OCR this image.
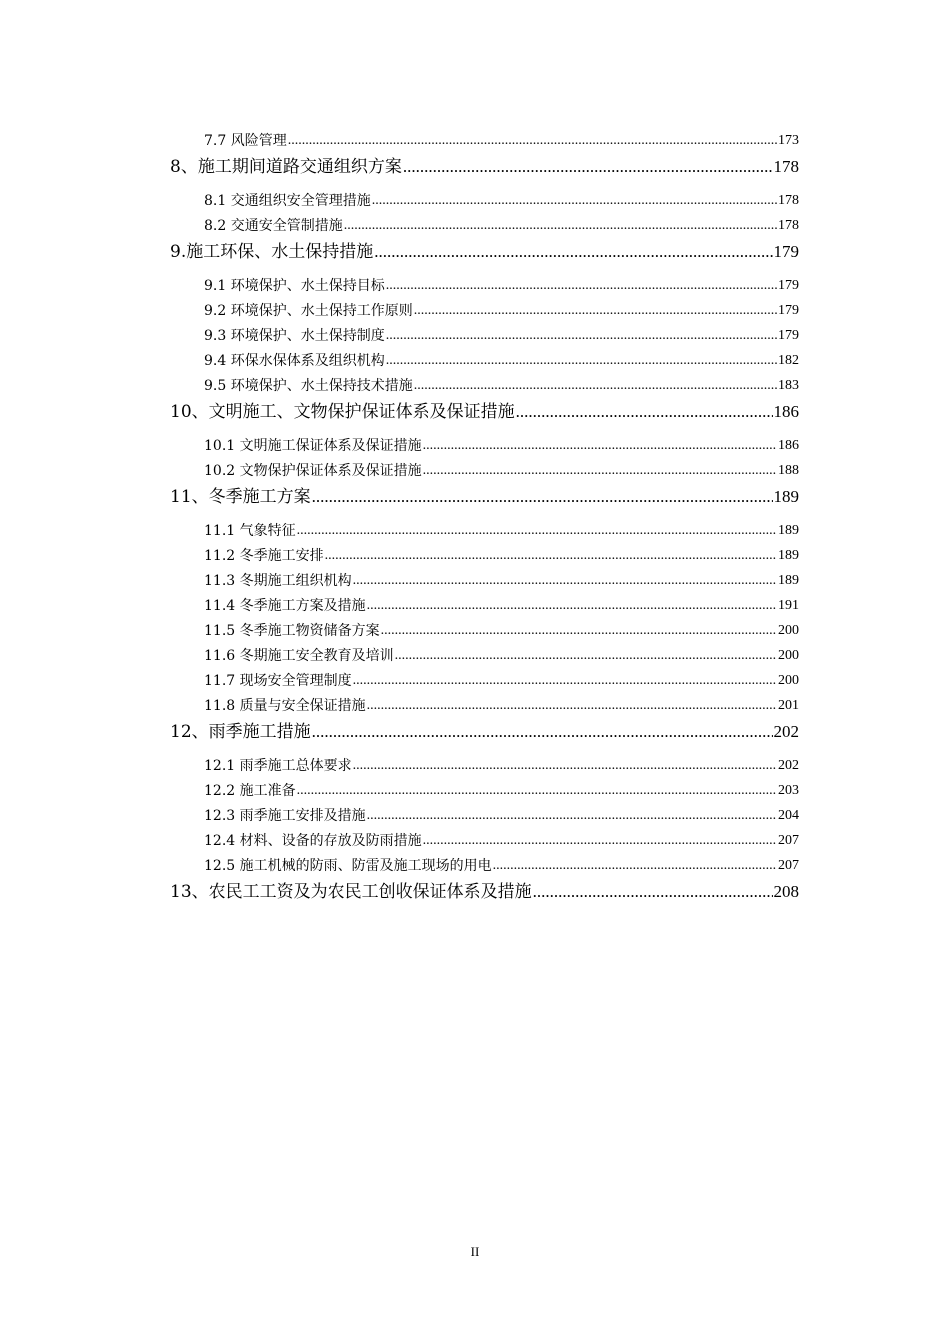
7.7 风险管理 .....	173
8、施工期间道路交通组织方案 .....	178
8.1 交通组织安全管理措施 .....	178
8.2 交通安全管制措施 .....	178
9.施工环保、水土保持措施 .....	179
9.1 环境保护、水土保持目标 .....	179
9.2 环境保护、水土保持工作原则 .....	179
9.3 环境保护、水土保持制度 .....	179
9.4 环保水保体系及组织机构 .....	182
9.5 环境保护、水土保持技术措施 .....	183
10、文明施工、文物保护保证体系及保证措施 .....	186
10.1 文明施工保证体系及保证措施 .....	186
10.2 文物保护保证体系及保证措施 .....	188
11、冬季施工方案 .....	189
11.1 气象特征 .....	189
11.2 冬季施工安排 .....	189
11.3 冬期施工组织机构 .....	189
11.4 冬季施工方案及措施 .....	191
11.5 冬季施工物资储备方案 .....	200
11.6 冬期施工安全教育及培训 .....	200
11.7 现场安全管理制度 .....	200
11.8 质量与安全保证措施 .....	201
12、雨季施工措施 .....	202
12.1 雨季施工总体要求 .....	202
12.2 施工准备 .....	203
12.3 雨季施工安排及措施 .....	204
12.4 材料、设备的存放及防雨措施 .....	207
12.5 施工机械的防雨、防雷及施工现场的用电 .....	207
13、农民工工资及为农民工创收保证体系及措施 .....	208
II
